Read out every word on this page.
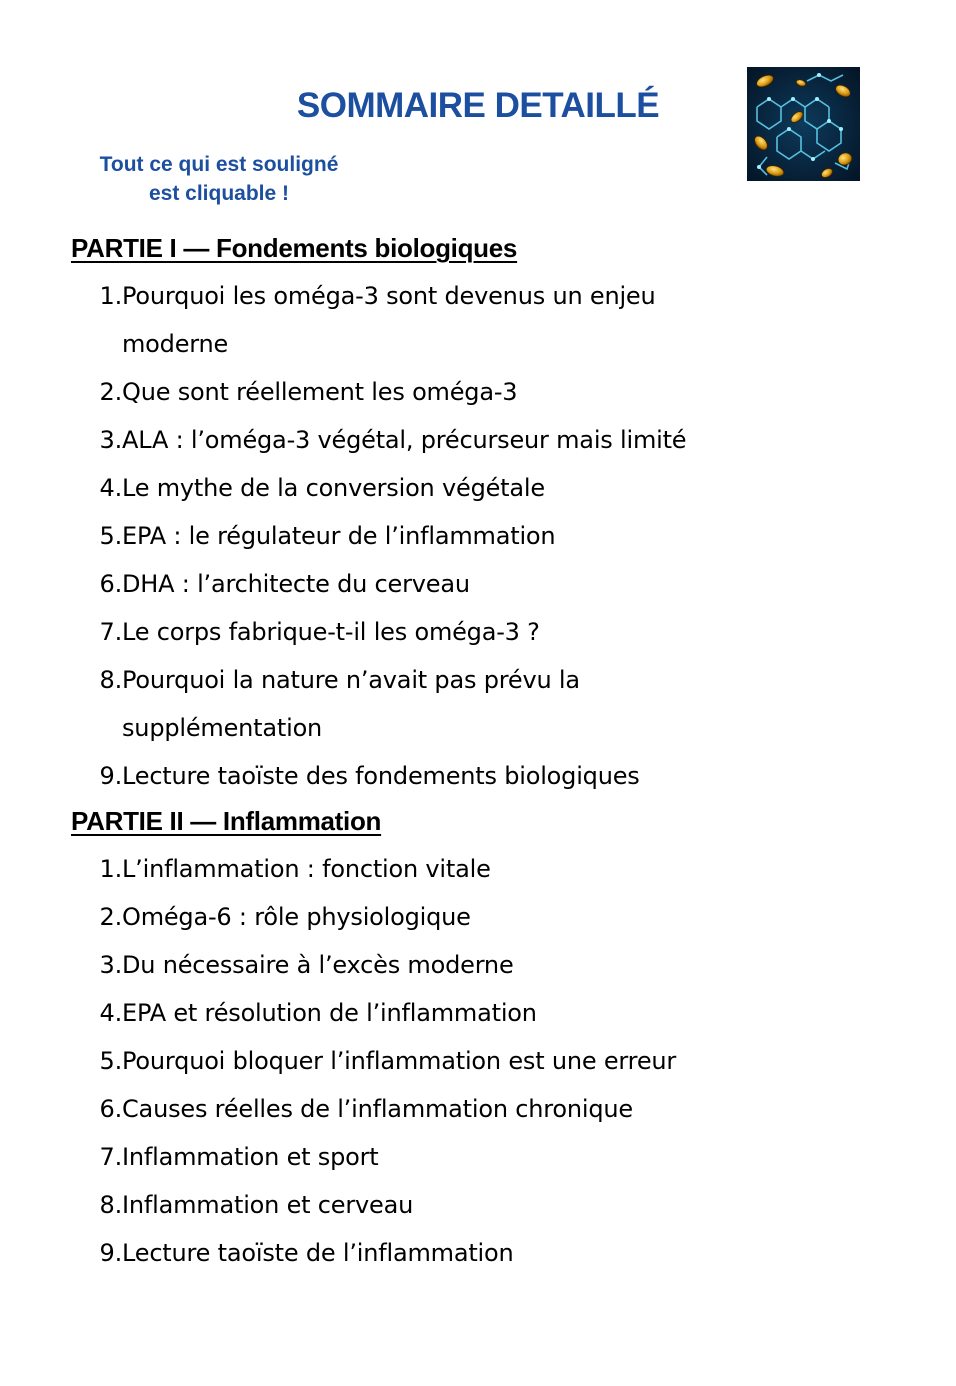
SOMMAIRE DETAILLÉ
Tout ce qui est souligné
est cliquable !
PARTIE I — Fondements biologiques
1. Pourquoi les oméga-3 sont devenus un enjeu moderne
2. Que sont réellement les oméga-3
3. ALA : l’oméga-3 végétal, précurseur mais limité
4. Le mythe de la conversion végétale
5. EPA : le régulateur de l’inflammation
6. DHA : l’architecte du cerveau
7. Le corps fabrique-t-il les oméga-3 ?
8. Pourquoi la nature n’avait pas prévu la supplémentation
9. Lecture taoïste des fondements biologiques
PARTIE II — Inflammation
1. L’inflammation : fonction vitale
2. Oméga-6 : rôle physiologique
3. Du nécessaire à l’excès moderne
4. EPA et résolution de l’inflammation
5. Pourquoi bloquer l’inflammation est une erreur
6. Causes réelles de l’inflammation chronique
7. Inflammation et sport
8. Inflammation et cerveau
9. Lecture taoïste de l’inflammation
